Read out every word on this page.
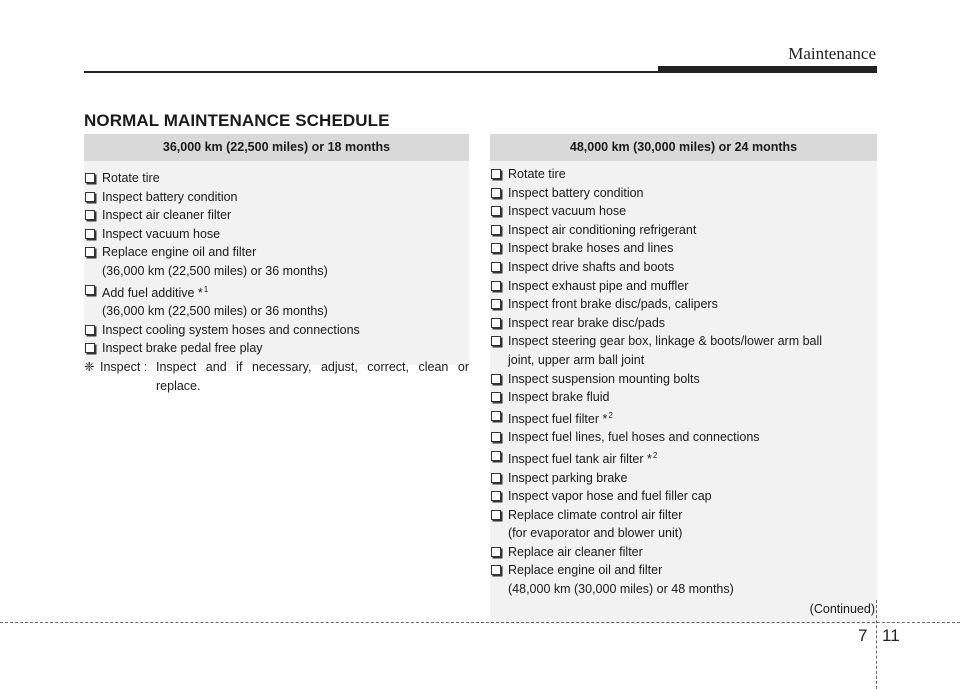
Maintenance
NORMAL MAINTENANCE SCHEDULE
36,000 km (22,500 miles) or 18 months
Rotate tire
Inspect battery condition
Inspect air cleaner filter
Inspect vacuum hose
Replace engine oil and filter
(36,000 km (22,500 miles) or 36 months)
Add fuel additive *$^1$
(36,000 km (22,500 miles) or 36 months)
Inspect cooling system hoses and connections
Inspect brake pedal free play
❈ Inspect : Inspect and if necessary, adjust, correct, clean or replace.
48,000 km (30,000 miles) or 24 months
Rotate tire
Inspect battery condition
Inspect vacuum hose
Inspect air conditioning refrigerant
Inspect brake hoses and lines
Inspect drive shafts and boots
Inspect exhaust pipe and muffler
Inspect front brake disc/pads, calipers
Inspect rear brake disc/pads
Inspect steering gear box, linkage & boots/lower arm ball
joint, upper arm ball joint
Inspect suspension mounting bolts
Inspect brake fluid
Inspect fuel filter *$^2$
Inspect fuel lines, fuel hoses and connections
Inspect fuel tank air filter *$^2$
Inspect parking brake
Inspect vapor hose and fuel filler cap
Replace climate control air filter
(for evaporator and blower unit)
Replace air cleaner filter
Replace engine oil and filter
(48,000 km (30,000 miles) or 48 months)
(Continued)
7 11
